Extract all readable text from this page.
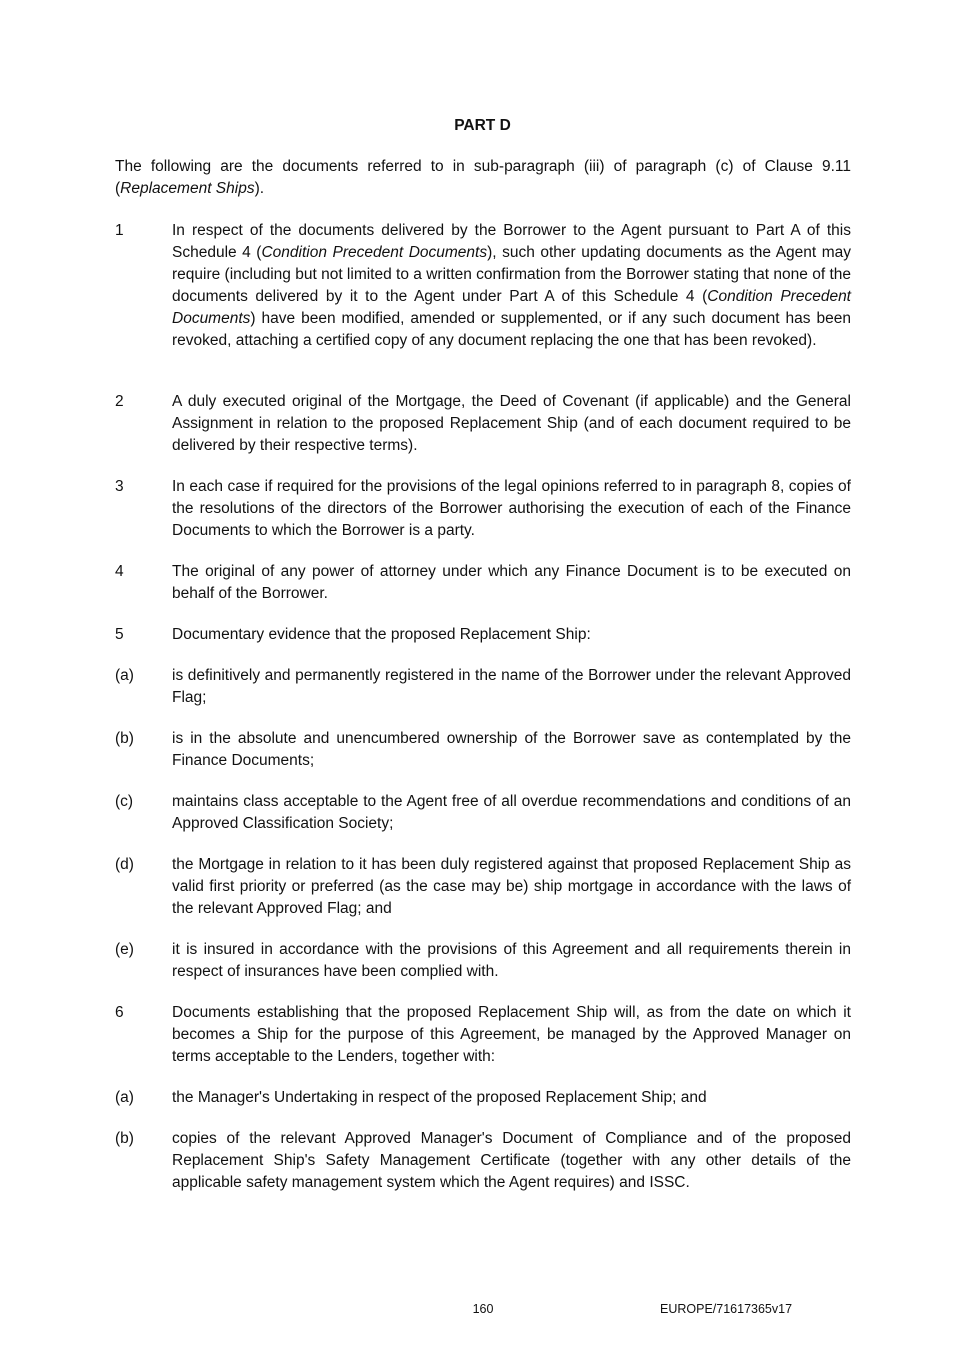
PART D

The following are the documents referred to in sub-paragraph (iii) of paragraph (c) of Clause 9.11 (Replacement Ships).

1	In respect of the documents delivered by the Borrower to the Agent pursuant to Part A of this Schedule 4 (Condition Precedent Documents), such other updating documents as the Agent may require (including but not limited to a written confirmation from the Borrower stating that none of the documents delivered by it to the Agent under Part A of this Schedule 4 (Condition Precedent Documents) have been modified, amended or supplemented, or if any such document has been revoked, attaching a certified copy of any document replacing the one that has been revoked).
2	A duly executed original of the Mortgage, the Deed of Covenant (if applicable) and the General Assignment in relation to the proposed Replacement Ship (and of each document required to be delivered by their respective terms).
3	In each case if required for the provisions of the legal opinions referred to in paragraph 8, copies of the resolutions of the directors of the Borrower authorising the execution of each of the Finance Documents to which the Borrower is a party.
4	The original of any power of attorney under which any Finance Document is to be executed on behalf of the Borrower.
5	Documentary evidence that the proposed Replacement Ship:
(a)	is definitively and permanently registered in the name of the Borrower under the relevant Approved Flag;
(b)	is in the absolute and unencumbered ownership of the Borrower save as contemplated by the Finance Documents;
(c)	maintains class acceptable to the Agent free of all overdue recommendations and conditions of an Approved Classification Society;
(d)	the Mortgage in relation to it has been duly registered against that proposed Replacement Ship as valid first priority or preferred (as the case may be) ship mortgage in accordance with the laws of the relevant Approved Flag; and
(e)	it is insured in accordance with the provisions of this Agreement and all requirements therein in respect of insurances have been complied with.
6	Documents establishing that the proposed Replacement Ship will, as from the date on which it becomes a Ship for the purpose of this Agreement, be managed by the Approved Manager on terms acceptable to the Lenders, together with:
(a)	the Manager's Undertaking in respect of the proposed Replacement Ship; and
(b)	copies of the relevant Approved Manager's Document of Compliance and of the proposed Replacement Ship's Safety Management Certificate (together with any other details of the applicable safety management system which the Agent requires) and ISSC.
160	EUROPE/71617365v17
